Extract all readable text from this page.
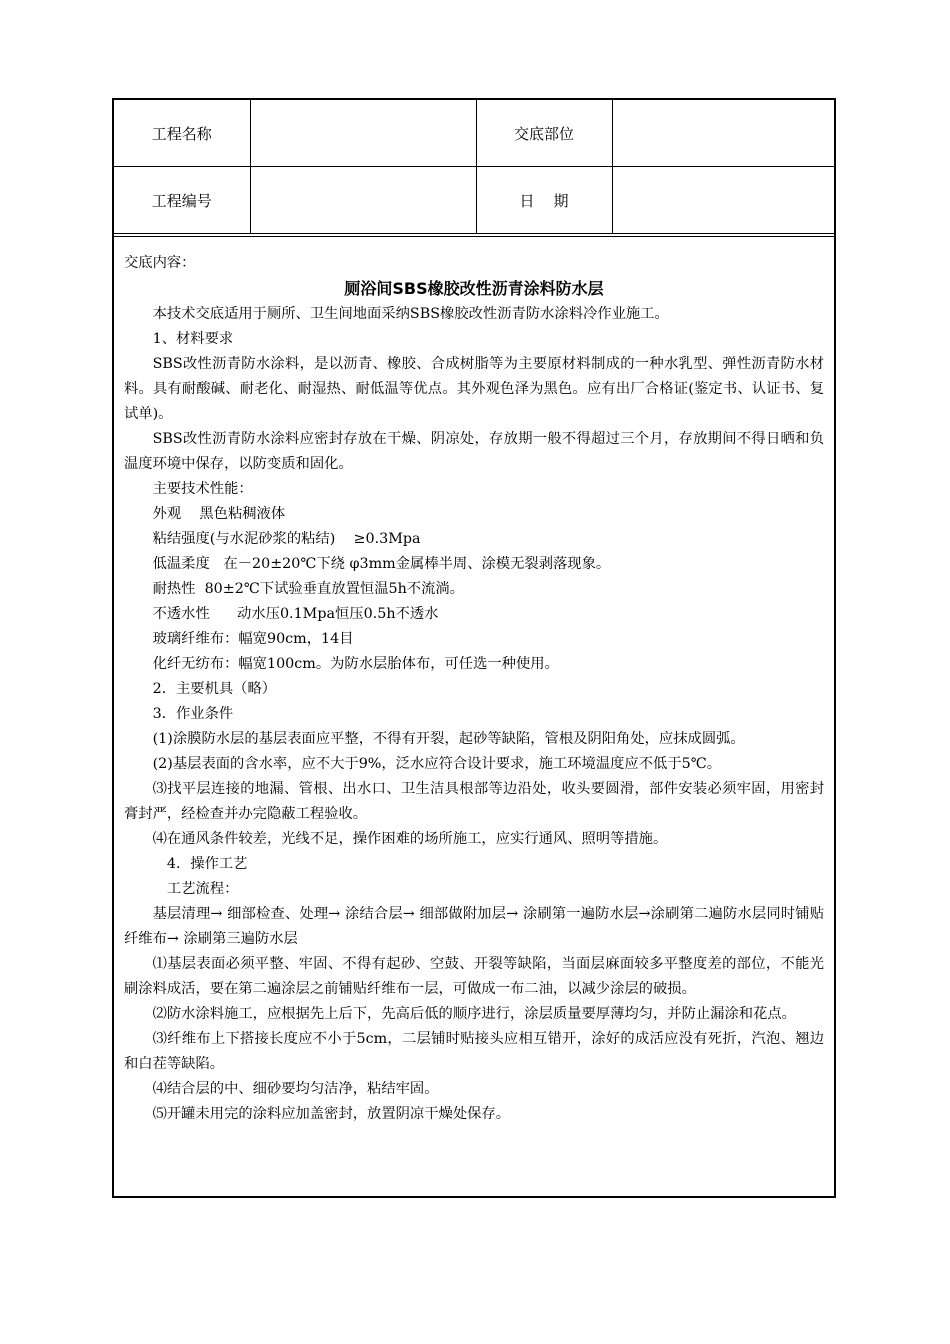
工程名称		交底部位	
工程编号		日    期	

交底内容：

厕浴间SBS橡胶改性沥青涂料防水层

本技术交底适用于厕所、卫生间地面采纳SBS橡胶改性沥青防水涂料冷作业施工。

1、材料要求

SBS改性沥青防水涂料，是以沥青、橡胶、合成树脂等为主要原材料制成的一种水乳型、弹性沥青防水材料。具有耐酸碱、耐老化、耐湿热、耐低温等优点。其外观色泽为黑色。应有出厂合格证(鉴定书、认证书、复试单)。

SBS改性沥青防水涂料应密封存放在干燥、阴凉处，存放期一般不得超过三个月，存放期间不得日晒和负温度环境中保存，以防变质和固化。

主要技术性能：

外观    黑色粘稠液体

粘结强度(与水泥砂浆的粘结)    ≥0.3Mpa

低温柔度   在－20±20℃下绕 φ3mm金属棒半周、涂模无裂剥落现象。

耐热性  80±2℃下试验垂直放置恒温5h不流淌。

不透水性      动水压0.1Mpa恒压0.5h不透水

玻璃纤维布：幅宽90cm，14目

化纤无纺布：幅宽100cm。为防水层胎体布，可任选一种使用。

2．主要机具（略）

3．作业条件

(1)涂膜防水层的基层表面应平整，不得有开裂，起砂等缺陷，管根及阴阳角处，应抹成圆弧。

(2)基层表面的含水率，应不大于9%，泛水应符合设计要求，施工环境温度应不低于5℃。

⑶找平层连接的地漏、管根、出水口、卫生洁具根部等边沿处，收头要圆滑，部件安装必须牢固，用密封膏封严，经检查并办完隐蔽工程验收。

⑷在通风条件较差，光线不足，操作困难的场所施工，应实行通风、照明等措施。

4．操作工艺

工艺流程：

基层清理→ 细部检查、处理→ 涂结合层→ 细部做附加层→ 涂刷第一遍防水层→涂刷第二遍防水层同时铺贴纤维布→ 涂刷第三遍防水层

⑴基层表面必须平整、牢固、不得有起砂、空鼓、开裂等缺陷，当面层麻面较多平整度差的部位，不能光刷涂料成活，要在第二遍涂层之前铺贴纤维布一层，可做成一布二油，以减少涂层的破损。

⑵防水涂料施工，应根据先上后下，先高后低的顺序进行，涂层质量要厚薄均匀，并防止漏涂和花点。

⑶纤维布上下搭接长度应不小于5cm，二层铺时贴接头应相互错开，涂好的成活应没有死折，汽泡、翘边和白茬等缺陷。

⑷结合层的中、细砂要均匀洁净，粘结牢固。

⑸开罐未用完的涂料应加盖密封，放置阴凉干燥处保存。
